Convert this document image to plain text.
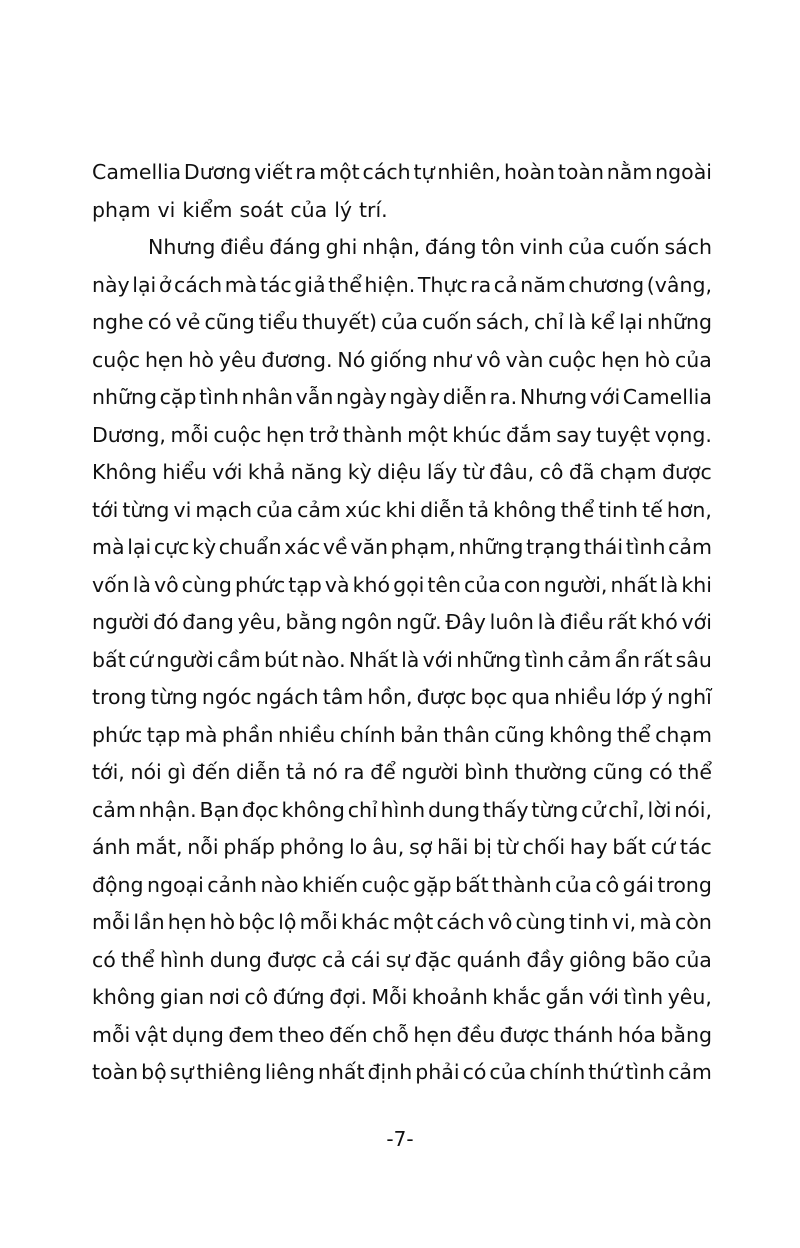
Camellia Dương viết ra một cách tự nhiên, hoàn toàn nằm ngoài
phạm vi kiểm soát của lý trí.
Nhưng điều đáng ghi nhận, đáng tôn vinh của cuốn sách
này lại ở cách mà tác giả thể hiện. Thực ra cả năm chương (vâng,
nghe có vẻ cũng tiểu thuyết) của cuốn sách, chỉ là kể lại những
cuộc hẹn hò yêu đương. Nó giống như vô vàn cuộc hẹn hò của
những cặp tình nhân vẫn ngày ngày diễn ra. Nhưng với Camellia
Dương, mỗi cuộc hẹn trở thành một khúc đắm say tuyệt vọng.
Không hiểu với khả năng kỳ diệu lấy từ đâu, cô đã chạm được
tới từng vi mạch của cảm xúc khi diễn tả không thể tinh tế hơn,
mà lại cực kỳ chuẩn xác về văn phạm, những trạng thái tình cảm
vốn là vô cùng phức tạp và khó gọi tên của con người, nhất là khi
người đó đang yêu, bằng ngôn ngữ. Đây luôn là điều rất khó với
bất cứ người cầm bút nào. Nhất là với những tình cảm ẩn rất sâu
trong từng ngóc ngách tâm hồn, được bọc qua nhiều lớp ý nghĩ
phức tạp mà phần nhiều chính bản thân cũng không thể chạm
tới, nói gì đến diễn tả nó ra để người bình thường cũng có thể
cảm nhận. Bạn đọc không chỉ hình dung thấy từng cử chỉ, lời nói,
ánh mắt, nỗi phấp phỏng lo âu, sợ hãi bị từ chối hay bất cứ tác
động ngoại cảnh nào khiến cuộc gặp bất thành của cô gái trong
mỗi lần hẹn hò bộc lộ mỗi khác một cách vô cùng tinh vi, mà còn
có thể hình dung được cả cái sự đặc quánh đầy giông bão của
không gian nơi cô đứng đợi. Mỗi khoảnh khắc gắn với tình yêu,
mỗi vật dụng đem theo đến chỗ hẹn đều được thánh hóa bằng
toàn bộ sự thiêng liêng nhất định phải có của chính thứ tình cảm
-7-
